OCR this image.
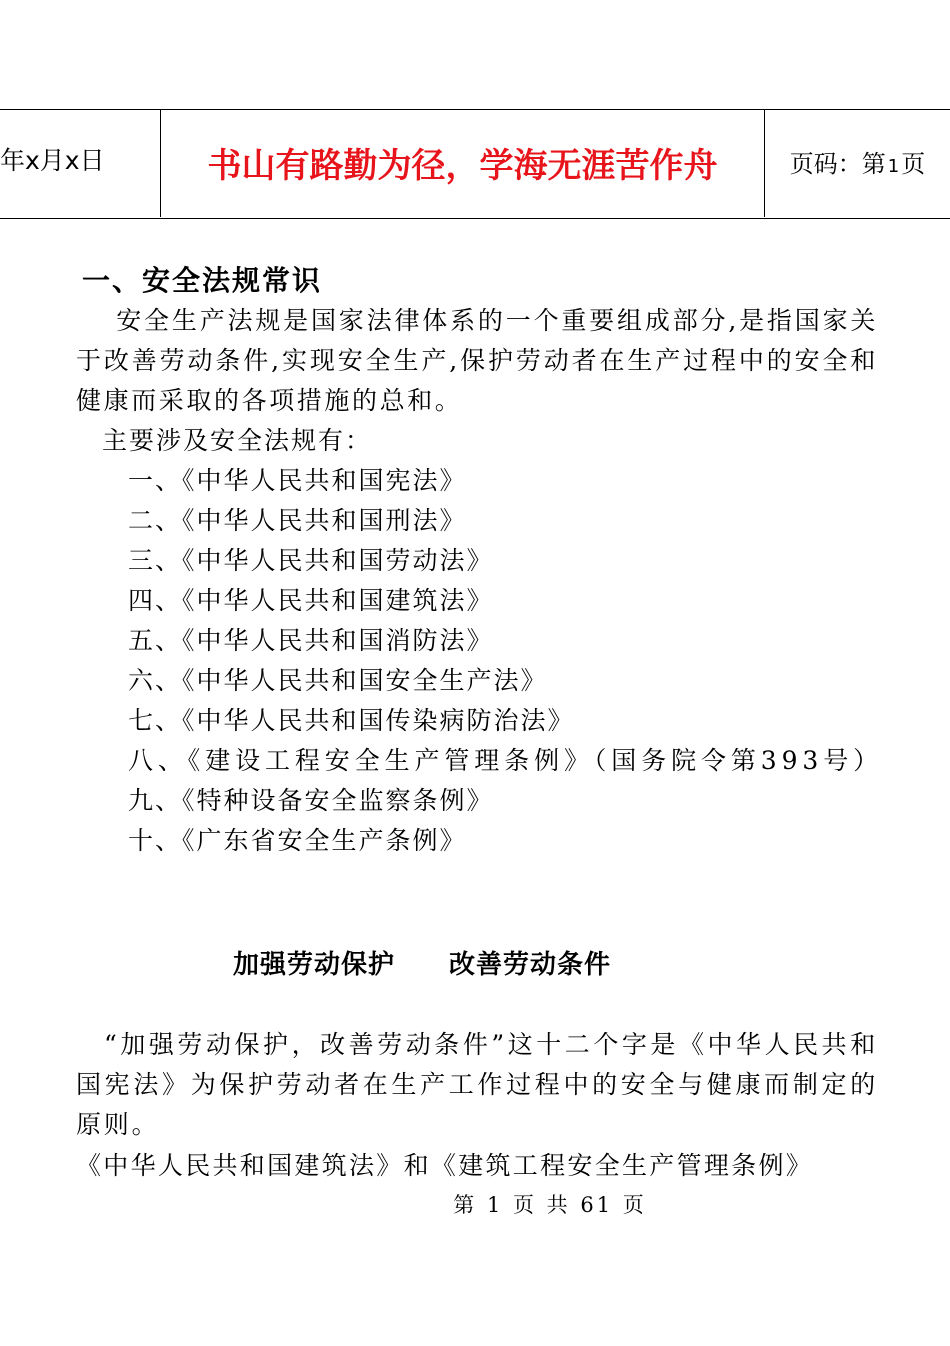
年x月x日	书山有路勤为径，学海无涯苦作舟	页码：第 1页
一、安全法规常识

安全生产法规是国家法律体系的一个重要组成部分,是指国家关于改善劳动条件,实现安全生产,保护劳动者在生产过程中的安全和健康而采取的各项措施的总和。

主要涉及安全法规有：

一、《中华人民共和国宪法》
二、《中华人民共和国刑法》
三、《中华人民共和国劳动法》
四、《中华人民共和国建筑法》
五、《中华人民共和国消防法》
六、《中华人民共和国安全生产法》
七、《中华人民共和国传染病防治法》
八、《建设工程安全生产管理条例》（国务院令第393号）
九、《特种设备安全监察条例》
十、《广东省安全生产条例》
加强劳动保护　　改善劳动条件

“加强劳动保护，改善劳动条件”这十二个字是《中华人民共和国宪法》为保护劳动者在生产工作过程中的安全与健康而制定的原则。

《中华人民共和国建筑法》和《建筑工程安全生产管理条例》

第 1 页 共 61 页
